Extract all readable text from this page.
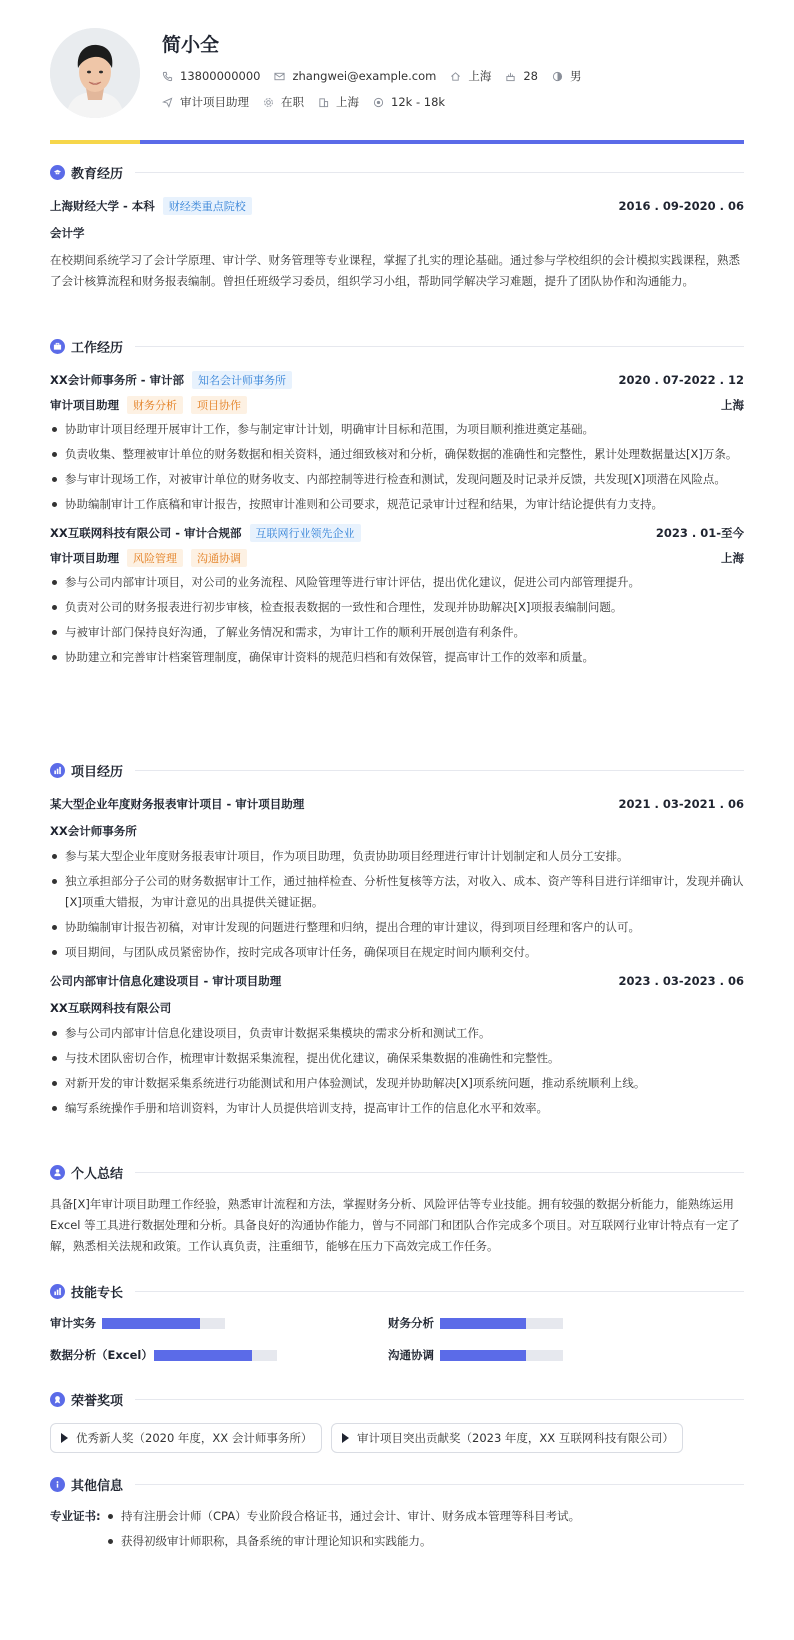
简小全
13800000000	zhangwei@example.com	上海	28	男
审计项目助理	在职	上海	12k - 18k
教育经历
上海财经大学 - 本科 财经类重点院校	2016 . 09-2020 . 06
会计学
在校期间系统学习了会计学原理、审计学、财务管理等专业课程，掌握了扎实的理论基础。通过参与学校组织的会计模拟实践课程，熟悉了会计核算流程和财务报表编制。曾担任班级学习委员，组织学习小组，帮助同学解决学习难题，提升了团队协作和沟通能力。
工作经历
XX会计师事务所 - 审计部 知名会计师事务所	2020 . 07-2022 . 12
审计项目助理 财务分析 项目协作	上海
协助审计项目经理开展审计工作，参与制定审计计划，明确审计目标和范围，为项目顺利推进奠定基础。
负责收集、整理被审计单位的财务数据和相关资料，通过细致核对和分析，确保数据的准确性和完整性，累计处理数据量达[X]万条。
参与审计现场工作，对被审计单位的财务收支、内部控制等进行检查和测试，发现问题及时记录并反馈，共发现[X]项潜在风险点。
协助编制审计工作底稿和审计报告，按照审计准则和公司要求，规范记录审计过程和结果，为审计结论提供有力支持。
XX互联网科技有限公司 - 审计合规部 互联网行业领先企业	2023 . 01-至今
审计项目助理 风险管理 沟通协调	上海
参与公司内部审计项目，对公司的业务流程、风险管理等进行审计评估，提出优化建议，促进公司内部管理提升。
负责对公司的财务报表进行初步审核，检查报表数据的一致性和合理性，发现并协助解决[X]项报表编制问题。
与被审计部门保持良好沟通，了解业务情况和需求，为审计工作的顺利开展创造有利条件。
协助建立和完善审计档案管理制度，确保审计资料的规范归档和有效保管，提高审计工作的效率和质量。
项目经历
某大型企业年度财务报表审计项目 - 审计项目助理	2021 . 03-2021 . 06
XX会计师事务所
参与某大型企业年度财务报表审计项目，作为项目助理，负责协助项目经理进行审计计划制定和人员分工安排。
独立承担部分子公司的财务数据审计工作，通过抽样检查、分析性复核等方法，对收入、成本、资产等科目进行详细审计，发现并确认[X]项重大错报，为审计意见的出具提供关键证据。
协助编制审计报告初稿，对审计发现的问题进行整理和归纳，提出合理的审计建议，得到项目经理和客户的认可。
项目期间，与团队成员紧密协作，按时完成各项审计任务，确保项目在规定时间内顺利交付。
公司内部审计信息化建设项目 - 审计项目助理	2023 . 03-2023 . 06
XX互联网科技有限公司
参与公司内部审计信息化建设项目，负责审计数据采集模块的需求分析和测试工作。
与技术团队密切合作，梳理审计数据采集流程，提出优化建议，确保采集数据的准确性和完整性。
对新开发的审计数据采集系统进行功能测试和用户体验测试，发现并协助解决[X]项系统问题，推动系统顺利上线。
编写系统操作手册和培训资料，为审计人员提供培训支持，提高审计工作的信息化水平和效率。
个人总结
具备[X]年审计项目助理工作经验，熟悉审计流程和方法，掌握财务分析、风险评估等专业技能。拥有较强的数据分析能力，能熟练运用 Excel 等工具进行数据处理和分析。具备良好的沟通协作能力，曾与不同部门和团队合作完成多个项目。对互联网行业审计特点有一定了解，熟悉相关法规和政策。工作认真负责，注重细节，能够在压力下高效完成工作任务。
技能专长
审计实务	财务分析
数据分析（Excel）	沟通协调
荣誉奖项
优秀新人奖（2020 年度，XX 会计师事务所）	审计项目突出贡献奖（2023 年度，XX 互联网科技有限公司）
其他信息
专业证书:	持有注册会计师（CPA）专业阶段合格证书，通过会计、审计、财务成本管理等科目考试。
获得初级审计师职称，具备系统的审计理论知识和实践能力。
